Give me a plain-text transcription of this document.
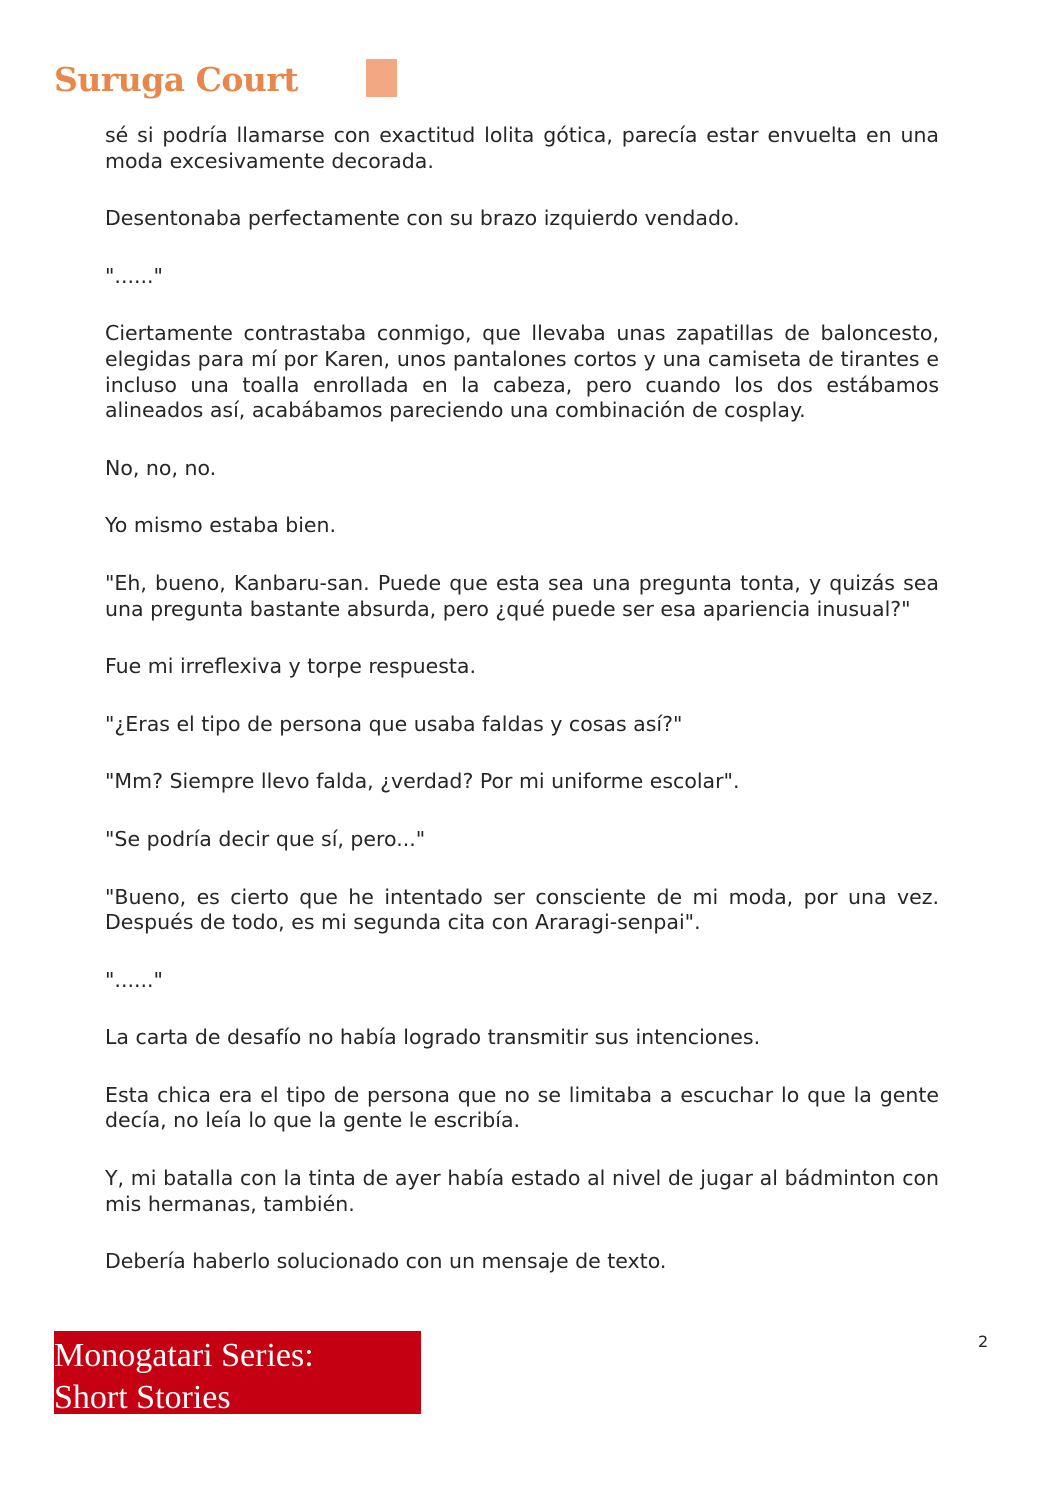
Suruga Court

sé si podría llamarse con exactitud lolita gótica, parecía estar envuelta en una moda excesivamente decorada.

Desentonaba perfectamente con su brazo izquierdo vendado.

"......"

Ciertamente contrastaba conmigo, que llevaba unas zapatillas de baloncesto, elegidas para mí por Karen, unos pantalones cortos y una camiseta de tirantes e incluso una toalla enrollada en la cabeza, pero cuando los dos estábamos alineados así, acabábamos pareciendo una combinación de cosplay.

No, no, no.

Yo mismo estaba bien.

"Eh, bueno, Kanbaru-san. Puede que esta sea una pregunta tonta, y quizás sea una pregunta bastante absurda, pero ¿qué puede ser esa apariencia inusual?"

Fue mi irreflexiva y torpe respuesta.

"¿Eras el tipo de persona que usaba faldas y cosas así?"

"Mm? Siempre llevo falda, ¿verdad? Por mi uniforme escolar".

"Se podría decir que sí, pero..."

"Bueno, es cierto que he intentado ser consciente de mi moda, por una vez. Después de todo, es mi segunda cita con Araragi-senpai".

"......"

La carta de desafío no había logrado transmitir sus intenciones.

Esta chica era el tipo de persona que no se limitaba a escuchar lo que la gente decía, no leía lo que la gente le escribía.

Y, mi batalla con la tinta de ayer había estado al nivel de jugar al bádminton con mis hermanas, también.

Debería haberlo solucionado con un mensaje de texto.

Monogatari Series:
Short Stories
2
